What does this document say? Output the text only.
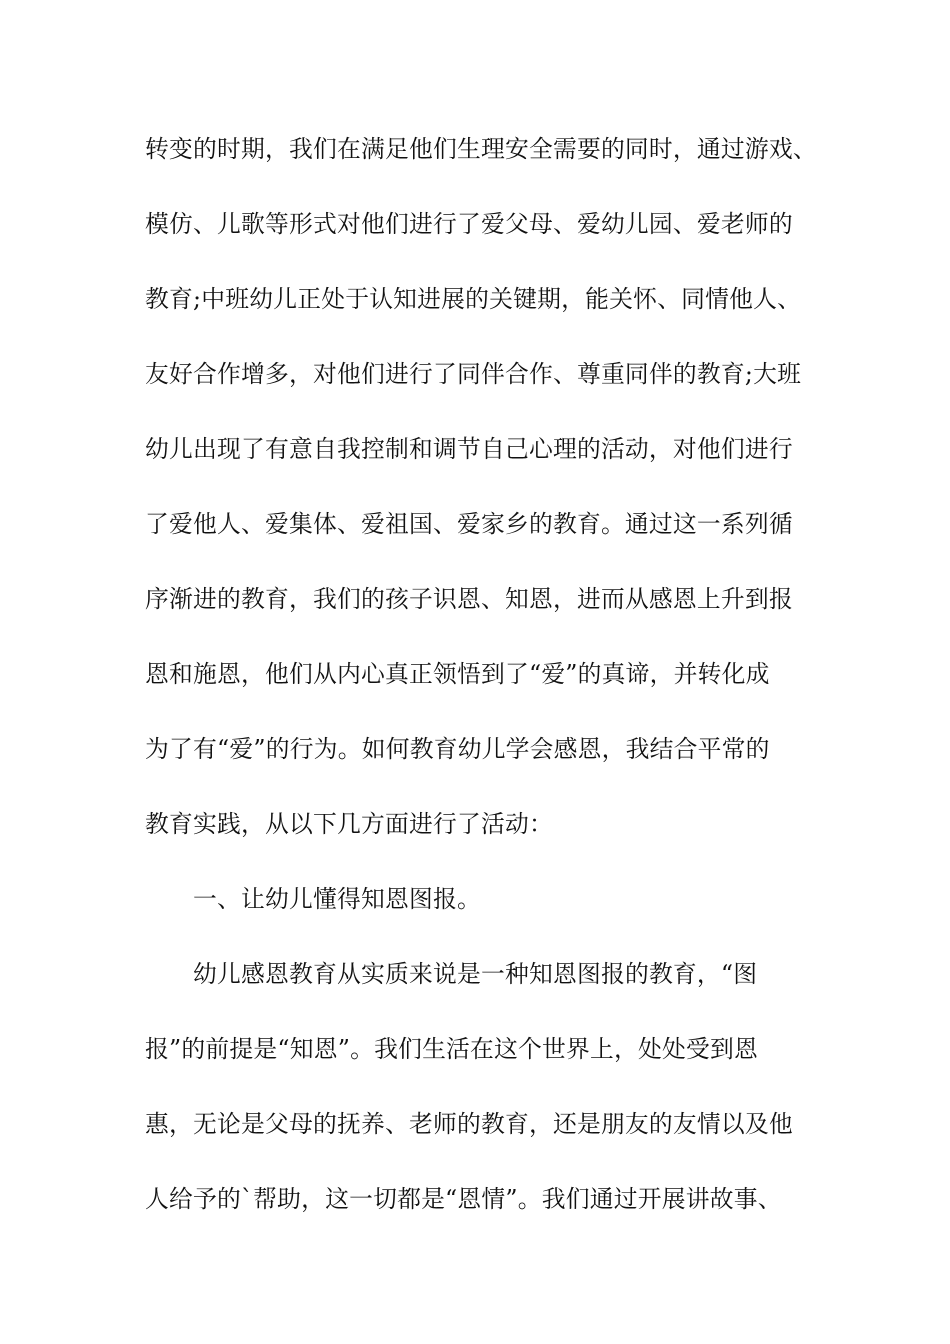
转变的时期，我们在满足他们生理安全需要的同时，通过游戏、
模仿、儿歌等形式对他们进行了爱父母、爱幼儿园、爱老师的
教育;中班幼儿正处于认知进展的关键期，能关怀、同情他人、
友好合作增多，对他们进行了同伴合作、尊重同伴的教育;大班
幼儿出现了有意自我控制和调节自己心理的活动，对他们进行
了爱他人、爱集体、爱祖国、爱家乡的教育。通过这一系列循
序渐进的教育，我们的孩子识恩、知恩，进而从感恩上升到报
恩和施恩，他们从内心真正领悟到了“爱”的真谛，并转化成
为了有“爱”的行为。如何教育幼儿学会感恩，我结合平常的
教育实践，从以下几方面进行了活动：
一、让幼儿懂得知恩图报。
幼儿感恩教育从实质来说是一种知恩图报的教育，“图
报”的前提是“知恩”。我们生活在这个世界上，处处受到恩
惠，无论是父母的抚养、老师的教育，还是朋友的友情以及他
人给予的`帮助，这一切都是“恩情”。我们通过开展讲故事、
